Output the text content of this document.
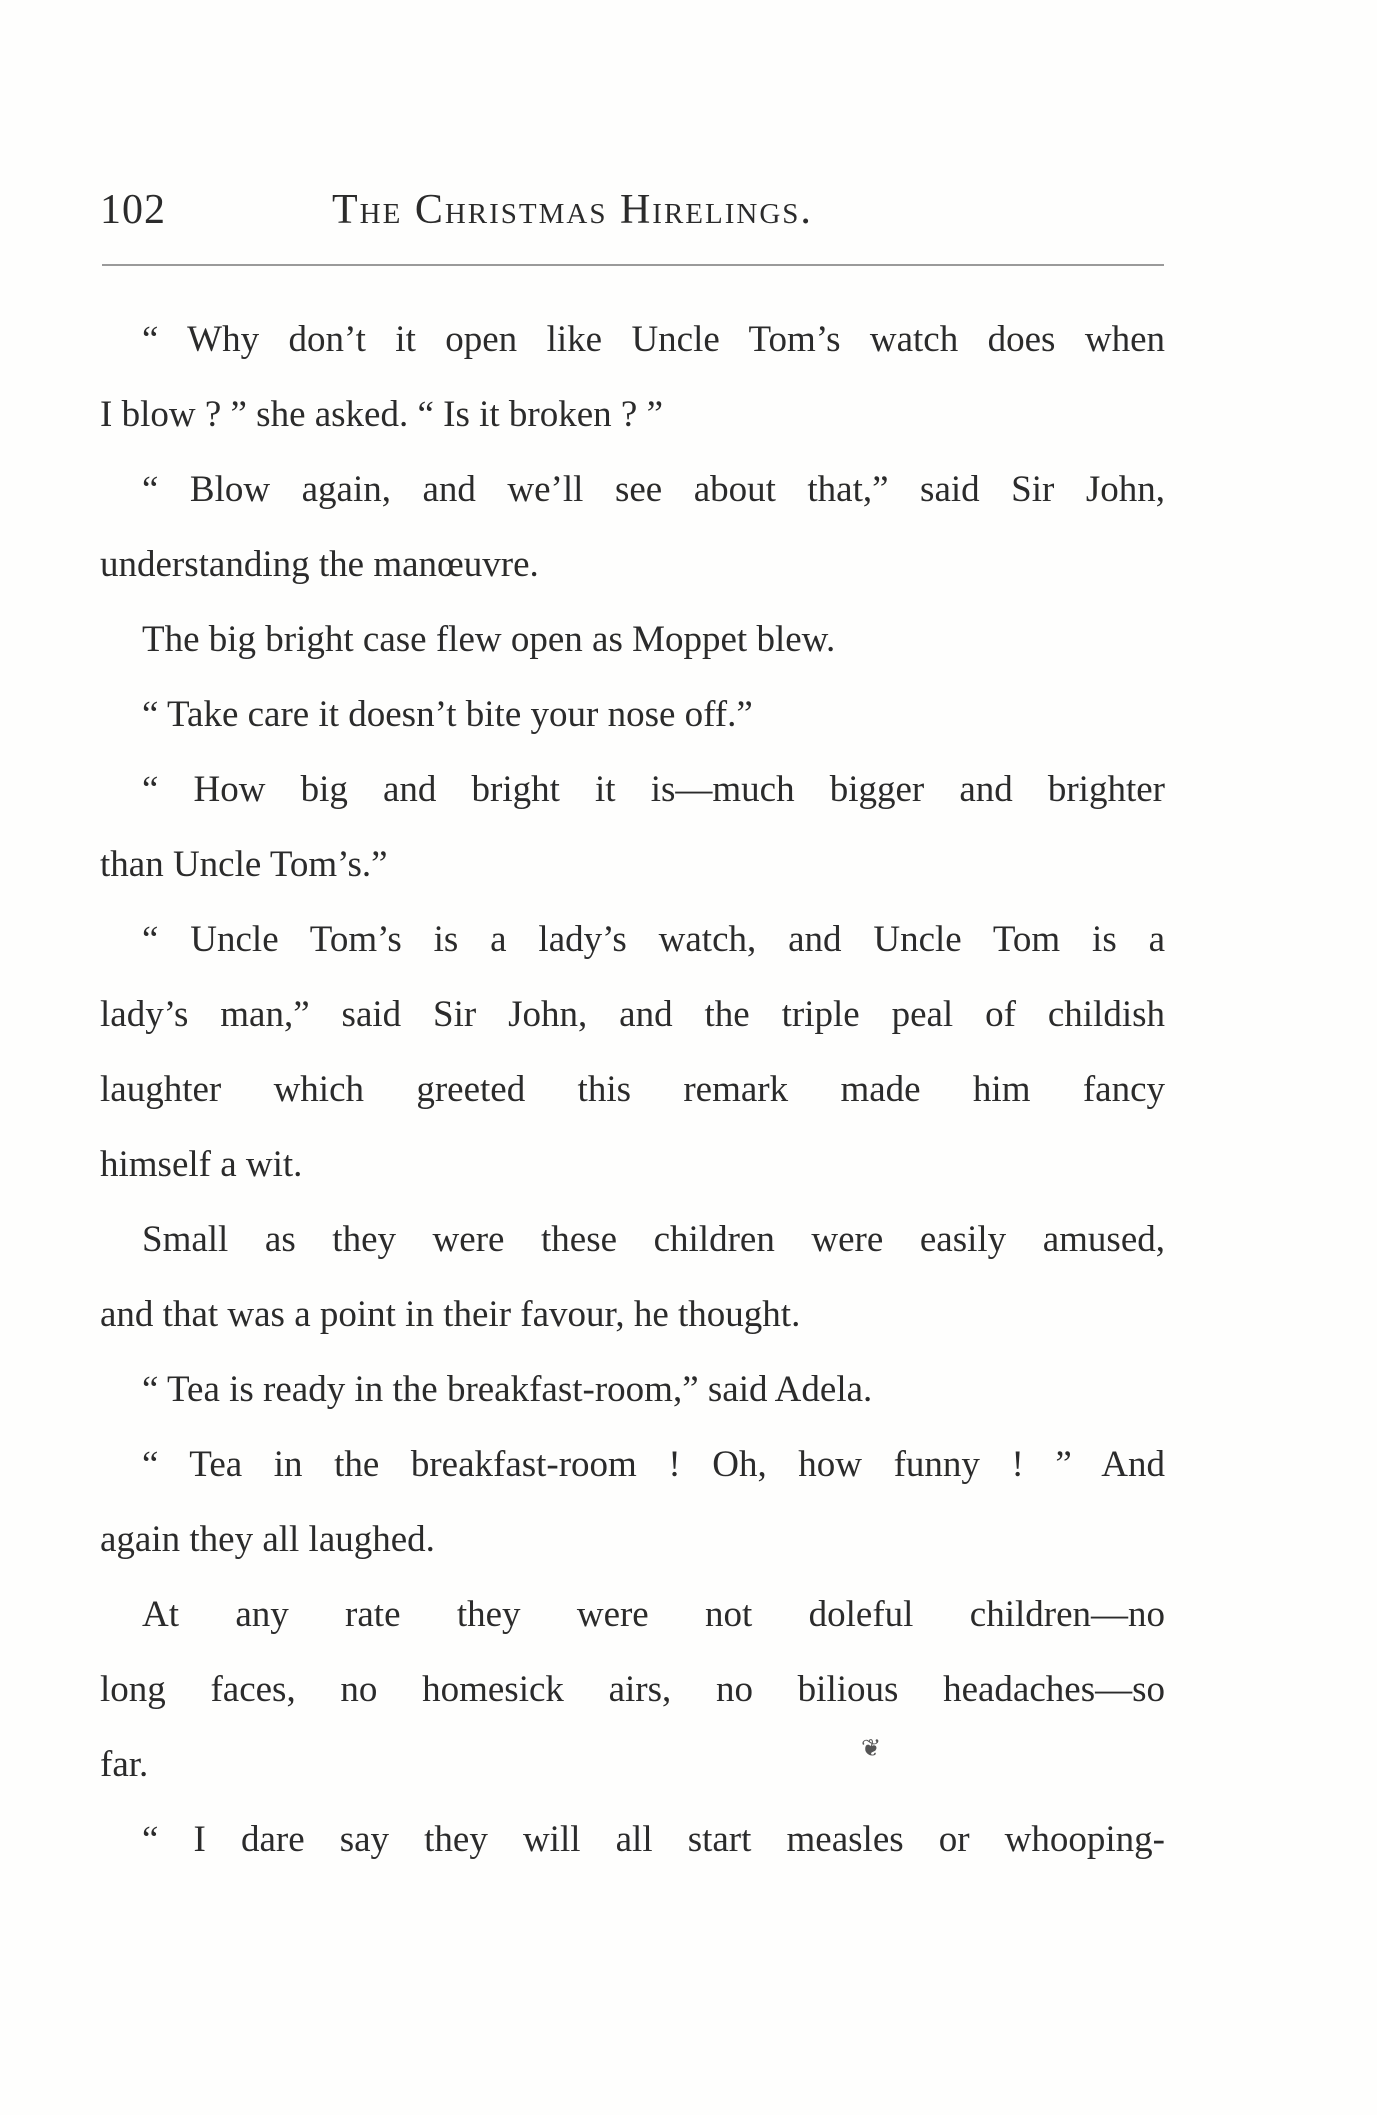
102	The Christmas Hirelings.
“ Why don’t it open like Uncle Tom’s watch does when
I blow ? ” she asked. “ Is it broken ? ”
“ Blow again, and we’ll see about that,” said Sir John,
understanding the manœuvre.
The big bright case flew open as Moppet blew.
“ Take care it doesn’t bite your nose off.”
“ How big and bright it is—much bigger and brighter
than Uncle Tom’s.”
“ Uncle Tom’s is a lady’s watch, and Uncle Tom is a
lady’s man,” said Sir John, and the triple peal of childish
laughter which greeted this remark made him fancy
himself a wit.
Small as they were these children were easily amused,
and that was a point in their favour, he thought.
“ Tea is ready in the breakfast-room,” said Adela.
“ Tea in the breakfast-room ! Oh, how funny ! ” And
again they all laughed.
At any rate they were not doleful children—no
long faces, no homesick airs, no bilious headaches—so
far.
“ I dare say they will all start measles or whooping-
❦
